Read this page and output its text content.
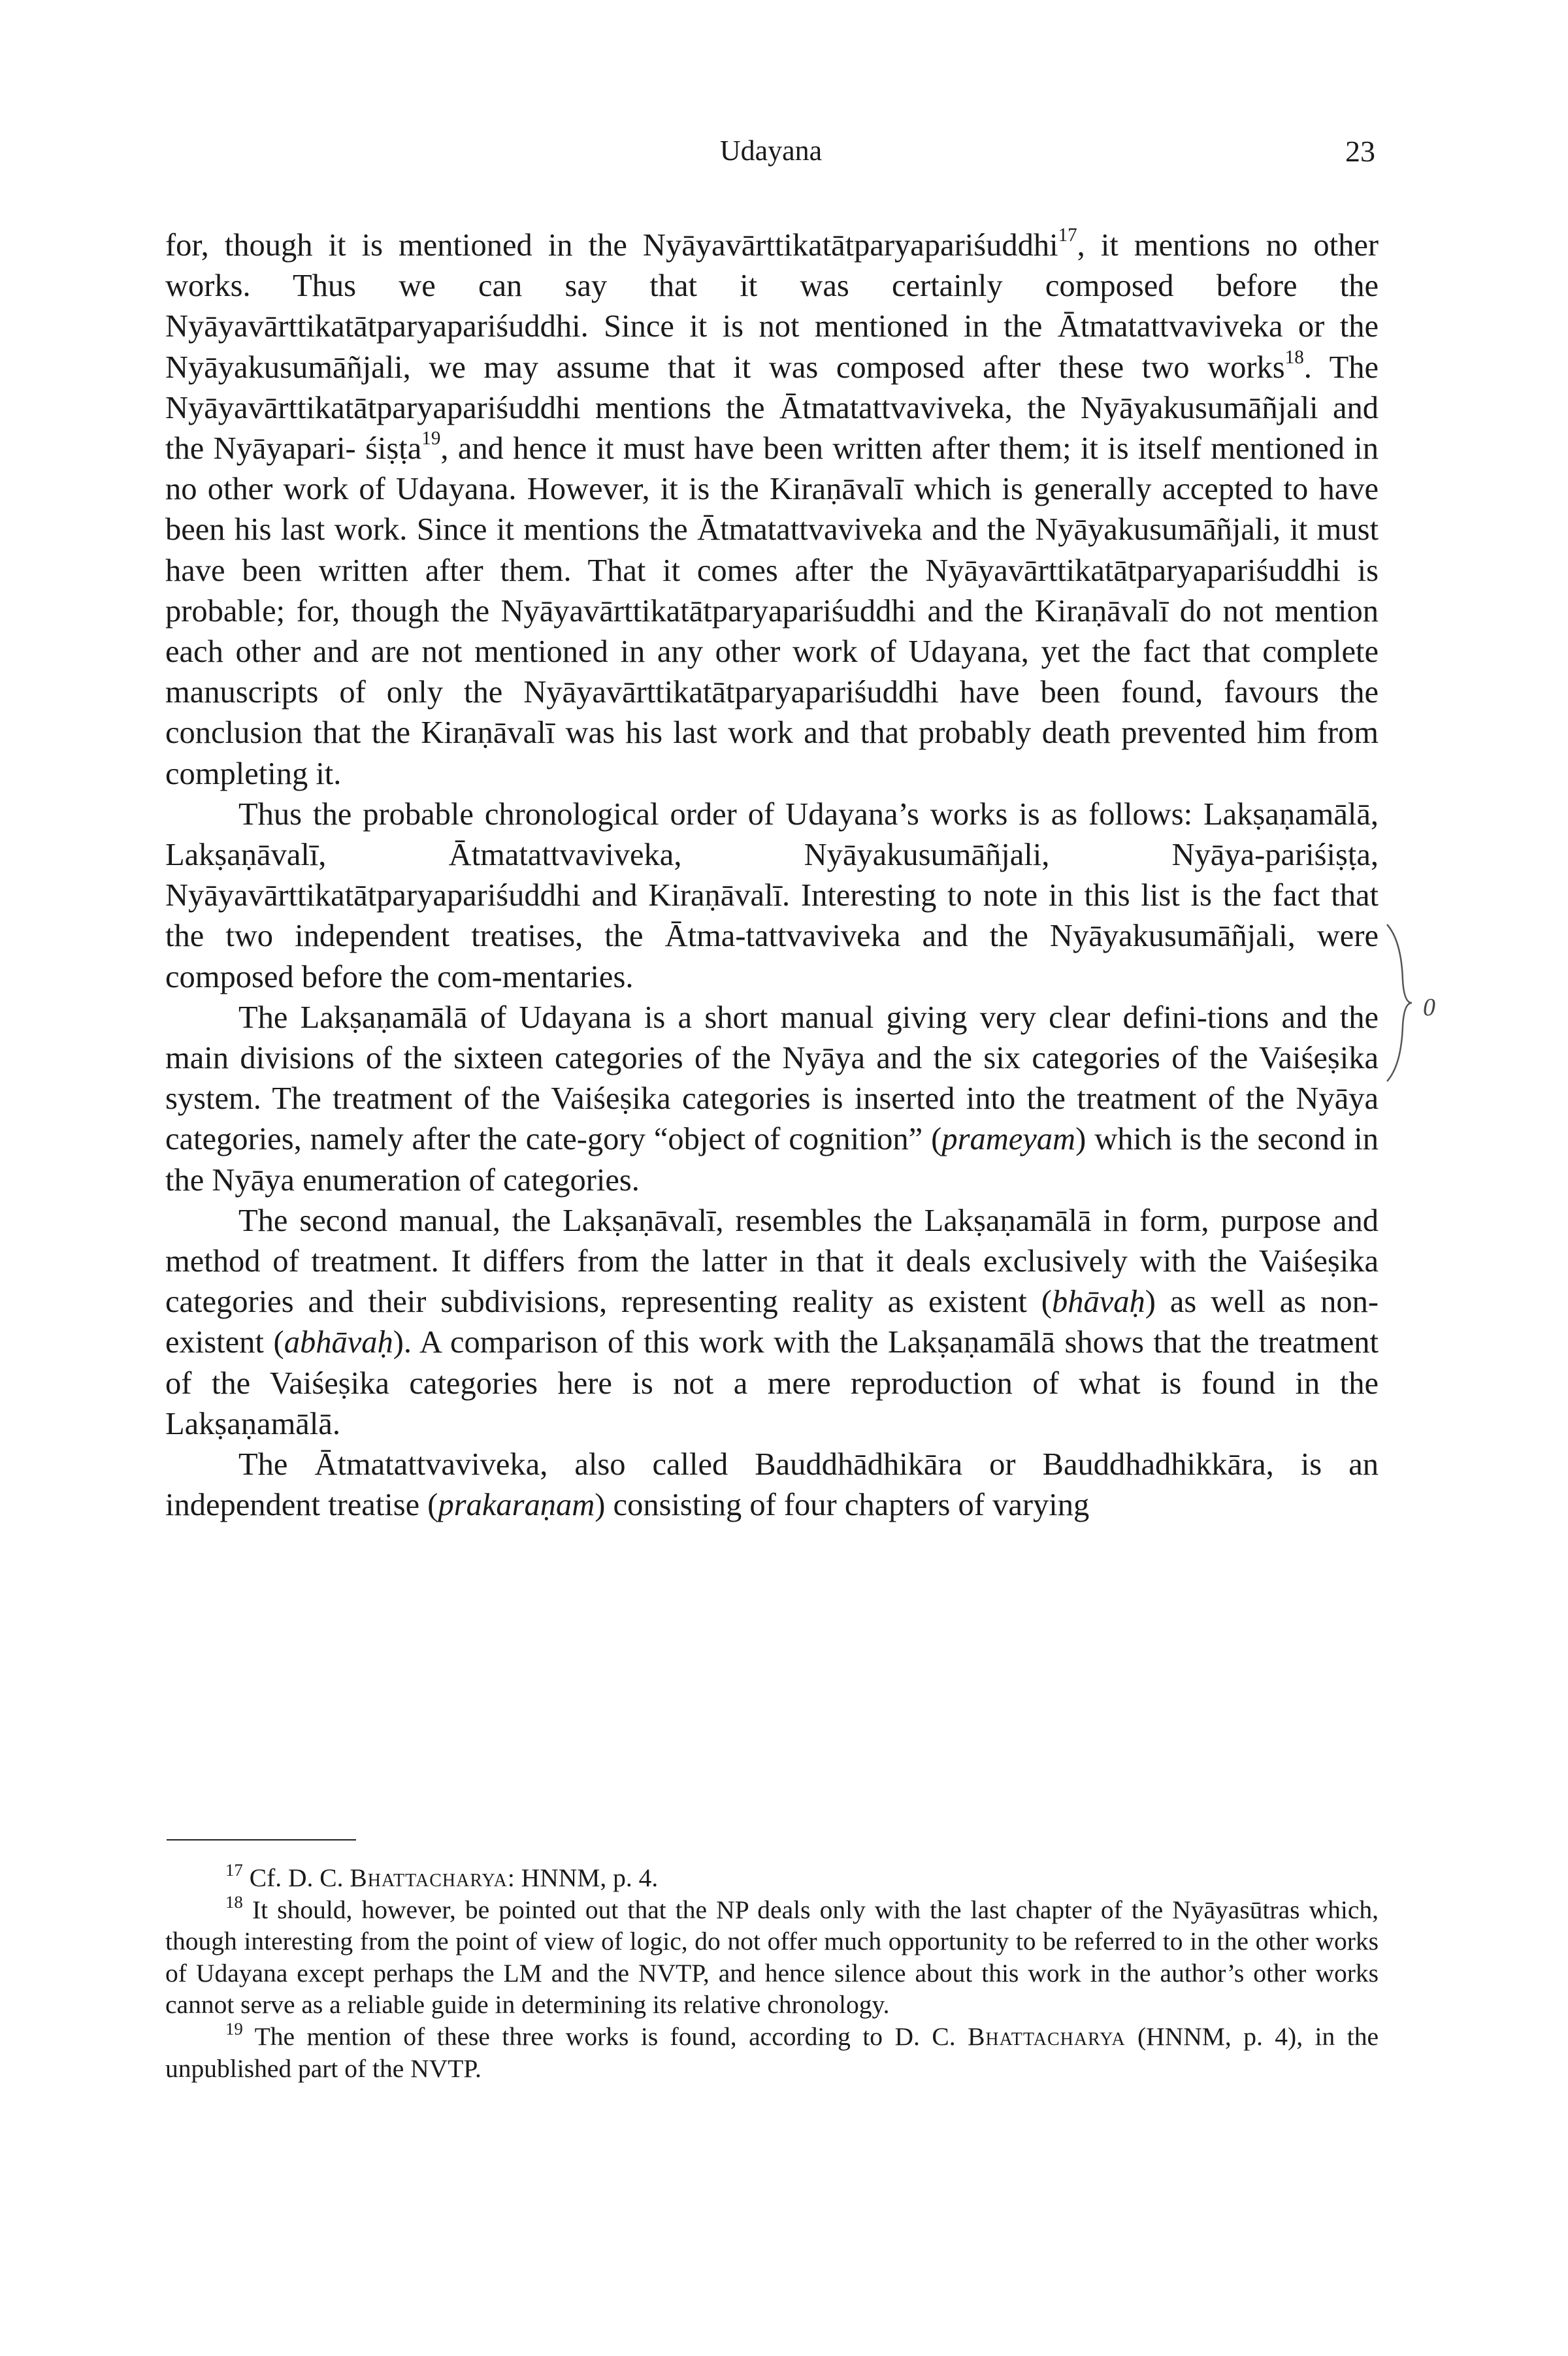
Udayana	23

for, though it is mentioned in the Nyāyavārttikatātparyapariśuddhi$^{17}$, it mentions no other works. Thus we can say that it was certainly composed before the Nyāyavārttikatātparyapariśuddhi. Since it is not mentioned in the Ātmatattvaviveka or the Nyāyakusumāñjali, we may assume that it was composed after these two works$^{18}$. The Nyāyavārttikatātparyapariśuddhi mentions the Ātmatattvaviveka, the Nyāyakusumāñjali and the Nyāyapari- śiṣṭa$^{19}$, and hence it must have been written after them; it is itself mentioned in no other work of Udayana. However, it is the Kiraṇāvalī which is generally accepted to have been his last work. Since it mentions the Ātmatattvaviveka and the Nyāyakusumāñjali, it must have been written after them. That it comes after the Nyāyavārttikatātparyapariśuddhi is probable; for, though the Nyāyavārttikatātparyapariśuddhi and the Kiraṇāvalī do not mention each other and are not mentioned in any other work of Udayana, yet the fact that complete manuscripts of only the Nyāyavārttikatātparyapariśuddhi have been found, favours the conclusion that the Kiraṇāvalī was his last work and that probably death prevented him from completing it.

Thus the probable chronological order of Udayana’s works is as follows: Lakṣaṇamālā, Lakṣaṇāvalī, Ātmatattvaviveka, Nyāyakusumāñjali, Nyāya-pariśiṣṭa, Nyāyavārttikatātparyapariśuddhi and Kiraṇāvalī. Interesting to note in this list is the fact that the two independent treatises, the Ātma-tattvaviveka and the Nyāyakusumāñjali, were composed before the com-mentaries.

The Lakṣaṇamālā of Udayana is a short manual giving very clear defini-tions and the main divisions of the sixteen categories of the Nyāya and the six categories of the Vaiśeṣika system. The treatment of the Vaiśeṣika categories is inserted into the treatment of the Nyāya categories, namely after the cate-gory “object of cognition” (prameyam) which is the second in the Nyāya enumeration of categories.

The second manual, the Lakṣaṇāvalī, resembles the Lakṣaṇamālā in form, purpose and method of treatment. It differs from the latter in that it deals exclusively with the Vaiśeṣika categories and their subdivisions, representing reality as existent (bhāvaḥ) as well as non-existent (abhāvaḥ). A comparison of this work with the Lakṣaṇamālā shows that the treatment of the Vaiśeṣika categories here is not a mere reproduction of what is found in the Lakṣaṇamālā.

The Ātmatattvaviveka, also called Bauddhādhikāra or Bauddhadhikkāra, is an independent treatise (prakaraṇam) consisting of four chapters of varying

0

$^{17}$ Cf. D. C. Bhattacharya: HNNM, p. 4.

$^{18}$ It should, however, be pointed out that the NP deals only with the last chapter of the Nyāyasūtras which, though interesting from the point of view of logic, do not offer much opportunity to be referred to in the other works of Udayana except perhaps the LM and the NVTP, and hence silence about this work in the author’s other works cannot serve as a reliable guide in determining its relative chronology.

$^{19}$ The mention of these three works is found, according to D. C. Bhattacharya (HNNM, p. 4), in the unpublished part of the NVTP.
